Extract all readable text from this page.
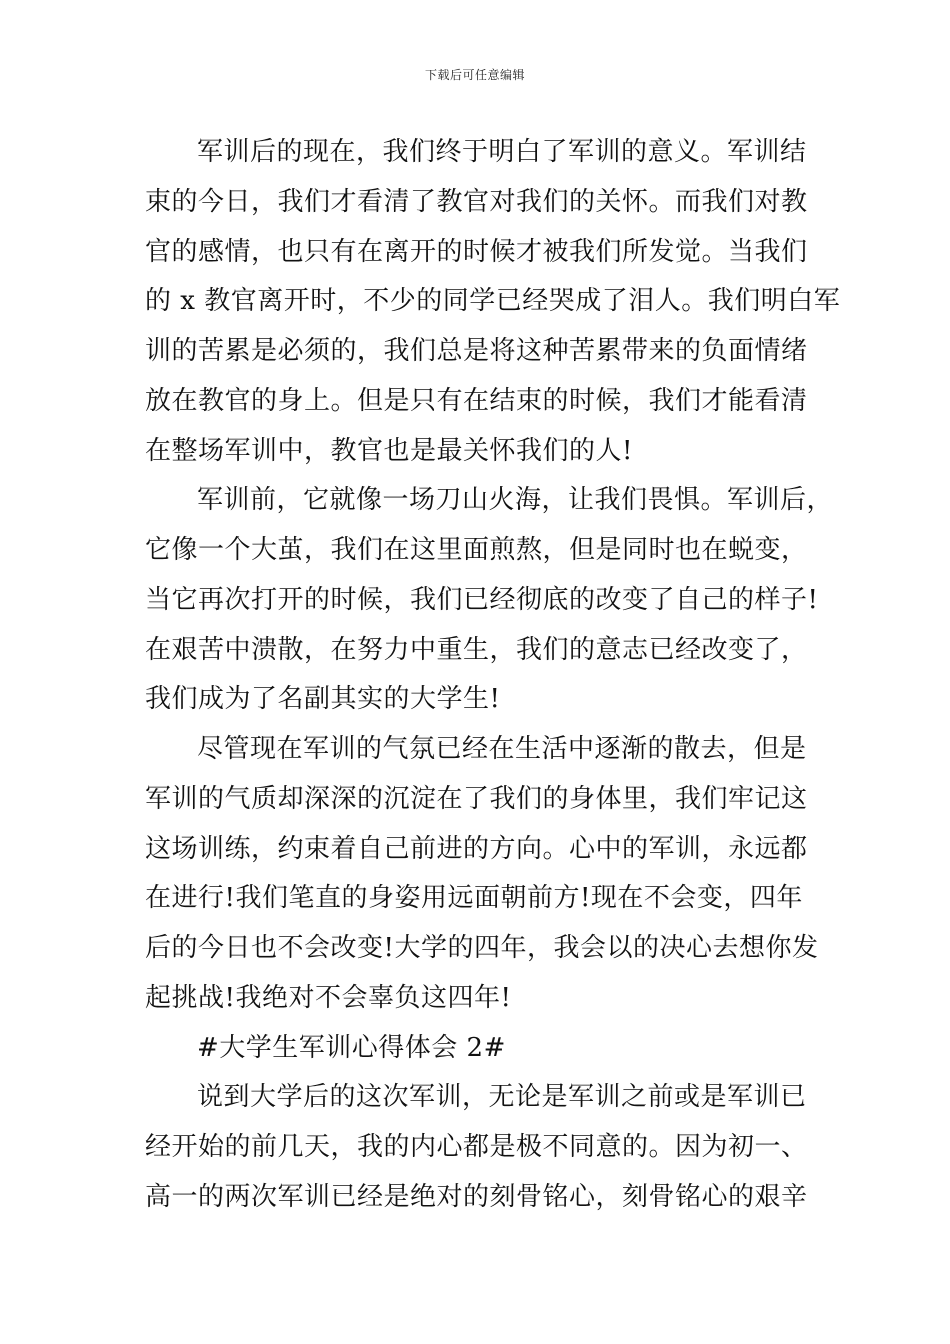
下载后可任意编辑
军训后的现在，我们终于明白了军训的意义。军训结
束的今日，我们才看清了教官对我们的关怀。而我们对教
官的感情，也只有在离开的时候才被我们所发觉。当我们
的 x 教官离开时，不少的同学已经哭成了泪人。我们明白军
训的苦累是必须的，我们总是将这种苦累带来的负面情绪
放在教官的身上。但是只有在结束的时候，我们才能看清
在整场军训中，教官也是最关怀我们的人!
军训前，它就像一场刀山火海，让我们畏惧。军训后，
它像一个大茧，我们在这里面煎熬，但是同时也在蜕变，
当它再次打开的时候，我们已经彻底的改变了自己的样子!
在艰苦中溃散，在努力中重生，我们的意志已经改变了，
我们成为了名副其实的大学生!
尽管现在军训的气氛已经在生活中逐渐的散去，但是
军训的气质却深深的沉淀在了我们的身体里，我们牢记这
这场训练，约束着自己前进的方向。心中的军训，永远都
在进行!我们笔直的身姿用远面朝前方!现在不会变，四年
后的今日也不会改变!大学的四年，我会以的决心去想你发
起挑战!我绝对不会辜负这四年!
#大学生军训心得体会 2#
说到大学后的这次军训，无论是军训之前或是军训已
经开始的前几天，我的内心都是极不同意的。因为初一、
高一的两次军训已经是绝对的刻骨铭心，刻骨铭心的艰辛
